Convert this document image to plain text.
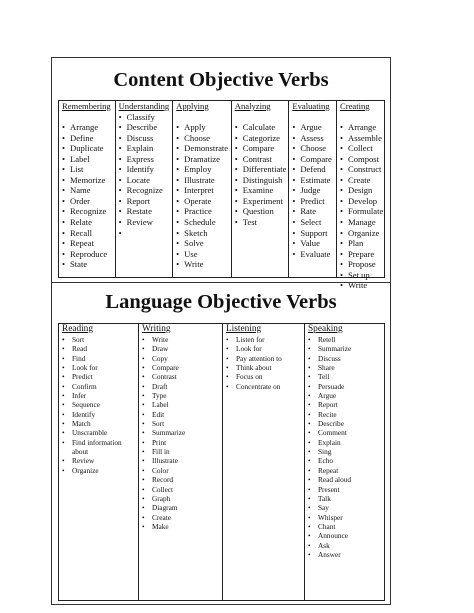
Content Objective Verbs
Remembering
• Arrange
• Define
• Duplicate
• Label
• List
• Memorize
• Name
• Order
• Recognize
• Relate
• Recall
• Repeat
• Reproduce
• State
Understanding
• Classify
• Describe
• Discuss
• Explain
• Express
• Identify
• Locate
• Recognize
• Report
• Restate
• Review
Applying
• Apply
• Choose
• Demonstrate
• Dramatize
• Employ
• Illustrate
• Interpret
• Operate
• Practice
• Schedule
• Sketch
• Solve
• Use
• Write
Analyzing
• Calculate
• Categorize
• Compare
• Contrast
• Differentiate
• Distinguish
• Examine
• Experiment
• Question
• Test
Evaluating
• Argue
• Assess
• Choose
• Compare
• Defend
• Estimate
• Judge
• Predict
• Rate
• Select
• Support
• Value
• Evaluate
Creating
• Arrange
• Assemble
• Collect
• Compost
• Construct
• Create
• Design
• Develop
• Formulate
• Manage
• Organize
• Plan
• Prepare
• Propose
• Set up
• Write
Language Objective Verbs
Reading
• Sort
• Read
• Find
• Look for
• Predict
• Confirm
• Infer
• Sequence
• Identify
• Match
• Unscramble
• Find information about
• Review
• Organize
Writing
• Write
• Draw
• Copy
• Compare
• Contrast
• Draft
• Type
• Label
• Edit
• Sort
• Summarize
• Print
• Fill in
• Illustrate
• Color
• Record
• Collect
• Graph
• Diagram
• Create
• Make
Listening
• Listen for
• Look for
• Pay attention to
• Think about
• Focus on
• Concentrate on
Speaking
• Retell
• Summarize
• Discuss
• Share
• Tell
• Persuade
• Argue
• Report
• Recite
• Describe
• Comment
• Explain
• Sing
• Echo
• Repeat
• Read aloud
• Present
• Talk
• Say
• Whisper
• Chant
• Announce
• Ask
• Answer
